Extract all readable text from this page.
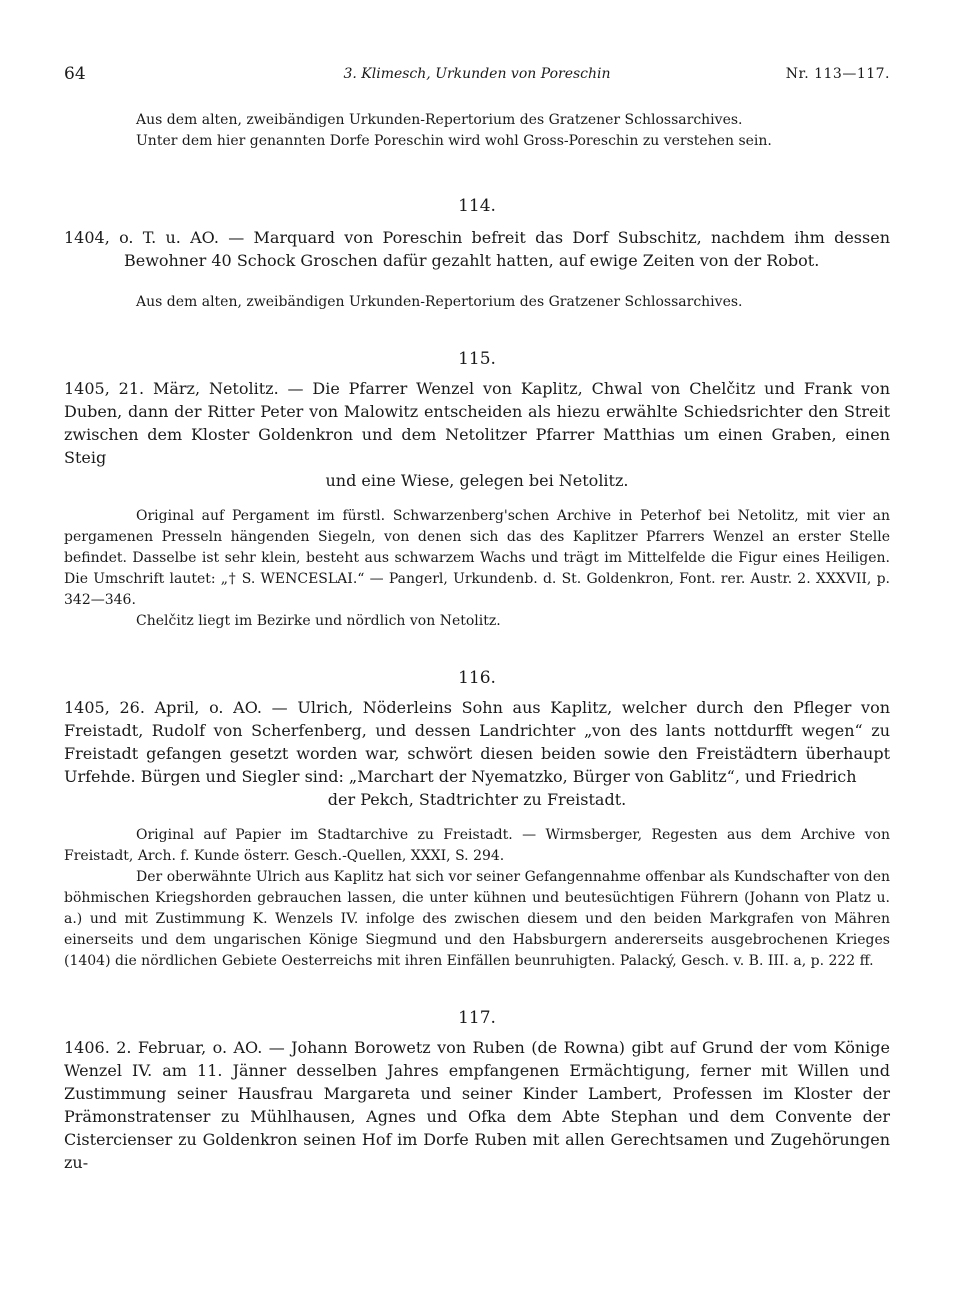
64	3. Klimesch, Urkunden von Poreschin	Nr. 113—117.

Aus dem alten, zweibändigen Urkunden-Repertorium des Gratzener Schlossarchives.

Unter dem hier genannten Dorfe Poreschin wird wohl Gross-Poreschin zu verstehen sein.

114.

1404, o. T. u. AO. — Marquard von Poreschin befreit das Dorf Subschitz, nachdem ihm dessen Bewohner 40 Schock Groschen dafür gezahlt hatten, auf ewige Zeiten von der Robot.

Aus dem alten, zweibändigen Urkunden-Repertorium des Gratzener Schlossarchives.

115.

1405, 21. März, Netolitz. — Die Pfarrer Wenzel von Kaplitz, Chwal von Chelčitz und Frank von Duben, dann der Ritter Peter von Malowitz entscheiden als hiezu erwählte Schiedsrichter den Streit zwischen dem Kloster Goldenkron und dem Netolitzer Pfarrer Matthias um einen Graben, einen Steig
und eine Wiese, gelegen bei Netolitz.

Original auf Pergament im fürstl. Schwarzenberg'schen Archive in Peterhof bei Netolitz, mit vier an pergamenen Presseln hängenden Siegeln, von denen sich das des Kaplitzer Pfarrers Wenzel an erster Stelle befindet. Dasselbe ist sehr klein, besteht aus schwarzem Wachs und trägt im Mittelfelde die Figur eines Heiligen. Die Umschrift lautet: „† S. WENCESLAI.“ — Pangerl, Urkundenb. d. St. Goldenkron, Font. rer. Austr. 2. XXXVII, p. 342—346.

Chelčitz liegt im Bezirke und nördlich von Netolitz.

116.

1405, 26. April, o. AO. — Ulrich, Nöderleins Sohn aus Kaplitz, welcher durch den Pfleger von Freistadt, Rudolf von Scherfenberg, und dessen Landrichter „von des lants nottdurfft wegen“ zu Freistadt gefangen gesetzt worden war, schwört diesen beiden sowie den Freistädtern überhaupt Urfehde. Bürgen und Siegler sind: „Marchart der Nyematzko, Bürger von Gablitz“, und Friedrich
der Pekch, Stadtrichter zu Freistadt.

Original auf Papier im Stadtarchive zu Freistadt. — Wirmsberger, Regesten aus dem Archive von Freistadt, Arch. f. Kunde österr. Gesch.-Quellen, XXXI, S. 294.

Der oberwähnte Ulrich aus Kaplitz hat sich vor seiner Gefangennahme offenbar als Kundschafter von den böhmischen Kriegshorden gebrauchen lassen, die unter kühnen und beutesüchtigen Führern (Johann von Platz u. a.) und mit Zustimmung K. Wenzels IV. infolge des zwischen diesem und den beiden Markgrafen von Mähren einerseits und dem ungarischen Könige Siegmund und den Habsburgern andererseits ausgebrochenen Krieges (1404) die nördlichen Gebiete Oesterreichs mit ihren Einfällen beunruhigten. Palacký, Gesch. v. B. III. a, p. 222 ff.

117.

1406. 2. Februar, o. AO. — Johann Borowetz von Ruben (de Rowna) gibt auf Grund der vom Könige Wenzel IV. am 11. Jänner desselben Jahres empfangenen Ermächtigung, ferner mit Willen und Zustimmung seiner Hausfrau Margareta und seiner Kinder Lambert, Professen im Kloster der Prämonstratenser zu Mühlhausen, Agnes und Ofka dem Abte Stephan und dem Convente der Cistercienser zu Goldenkron seinen Hof im Dorfe Ruben mit allen Gerechtsamen und Zugehörungen zu-
